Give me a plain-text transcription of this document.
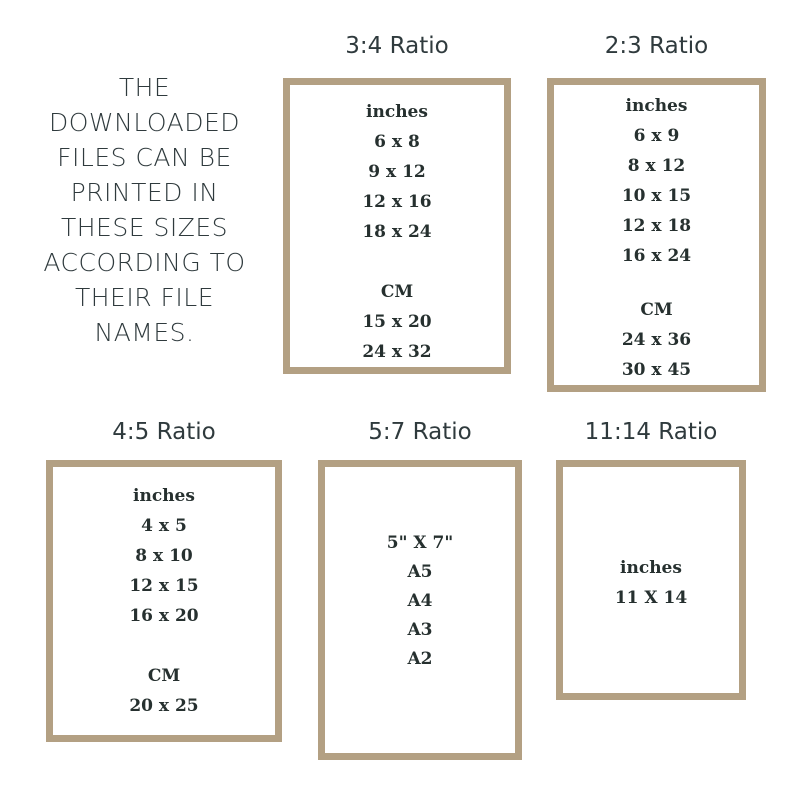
THE
DOWNLOADED
FILES CAN BE
PRINTED IN
THESE SIZES
ACCORDING TO
THEIR FILE
NAMES.
3:4 Ratio
inches
6 x 8
9 x 12
12 x 16
18 x 24
CM
15 x 20
24 x 32
2:3 Ratio
inches
6 x 9
8 x 12
10 x 15
12 x 18
16 x 24
CM
24 x 36
30 x 45
4:5 Ratio
inches
4 x 5
8 x 10
12 x 15
16 x 20
CM
20 x 25
5:7 Ratio
5" X 7"
A5
A4
A3
A2
11:14 Ratio
inches
11 X 14
